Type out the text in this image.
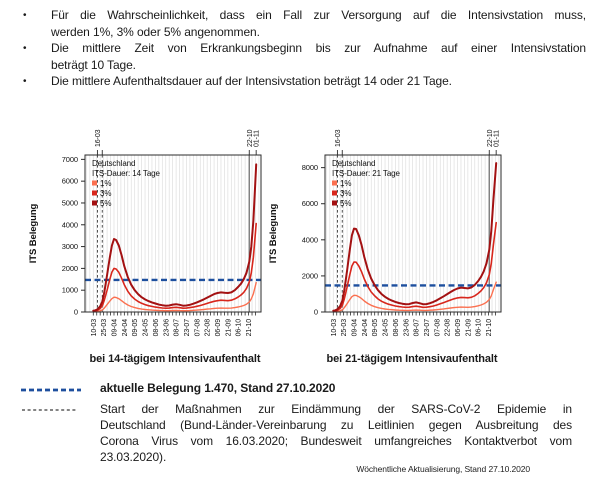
•	Für die Wahrscheinlichkeit, dass ein Fall zur Versorgung auf die Intensivstation muss,
werden 1%, 3% oder 5% angenommen.
•	Die mittlere Zeit von Erkrankungsbeginn bis zur Aufnahme auf einer Intensivstation
beträgt 10 Tage.
•	Die mittlere Aufenthaltsdauer auf der Intensivstation beträgt 14 oder 21 Tage.
0
1000
2000
3000
4000
5000
6000
7000
10-03 25-03 09-04 24-04 09-05 24-05 08-06 23-06 08-07 23-07 07-08 22-08 06-09 21-09 06-10 21-10
16-03	22-10 01-11
ITS Belegung
Deutschland
ITS-Dauer: 14 Tage
1%
3%
5%
0
2000
4000
6000
8000
10-03 25-03 09-04 24-04 09-05 24-05 08-06 23-06 08-07 23-07 07-08 22-08 06-09 21-09 06-10 21-10
16-03	22-10 01-11
ITS Belegung
Deutschland
ITS-Dauer: 21 Tage
1%
3%
5%
bei 14-tägigem Intensivaufenthalt	bei 21-tägigem Intensivaufenthalt
aktuelle Belegung 1.470, Stand 27.10.2020
Start der Maßnahmen zur Eindämmung der SARS-CoV-2 Epidemie in
Deutschland (Bund-Länder-Vereinbarung zu Leitlinien gegen Ausbreitung des
Corona Virus vom 16.03.2020; Bundesweit umfangreiches Kontaktverbot vom
23.03.2020).
Wöchentliche Aktualisierung, Stand 27.10.2020
